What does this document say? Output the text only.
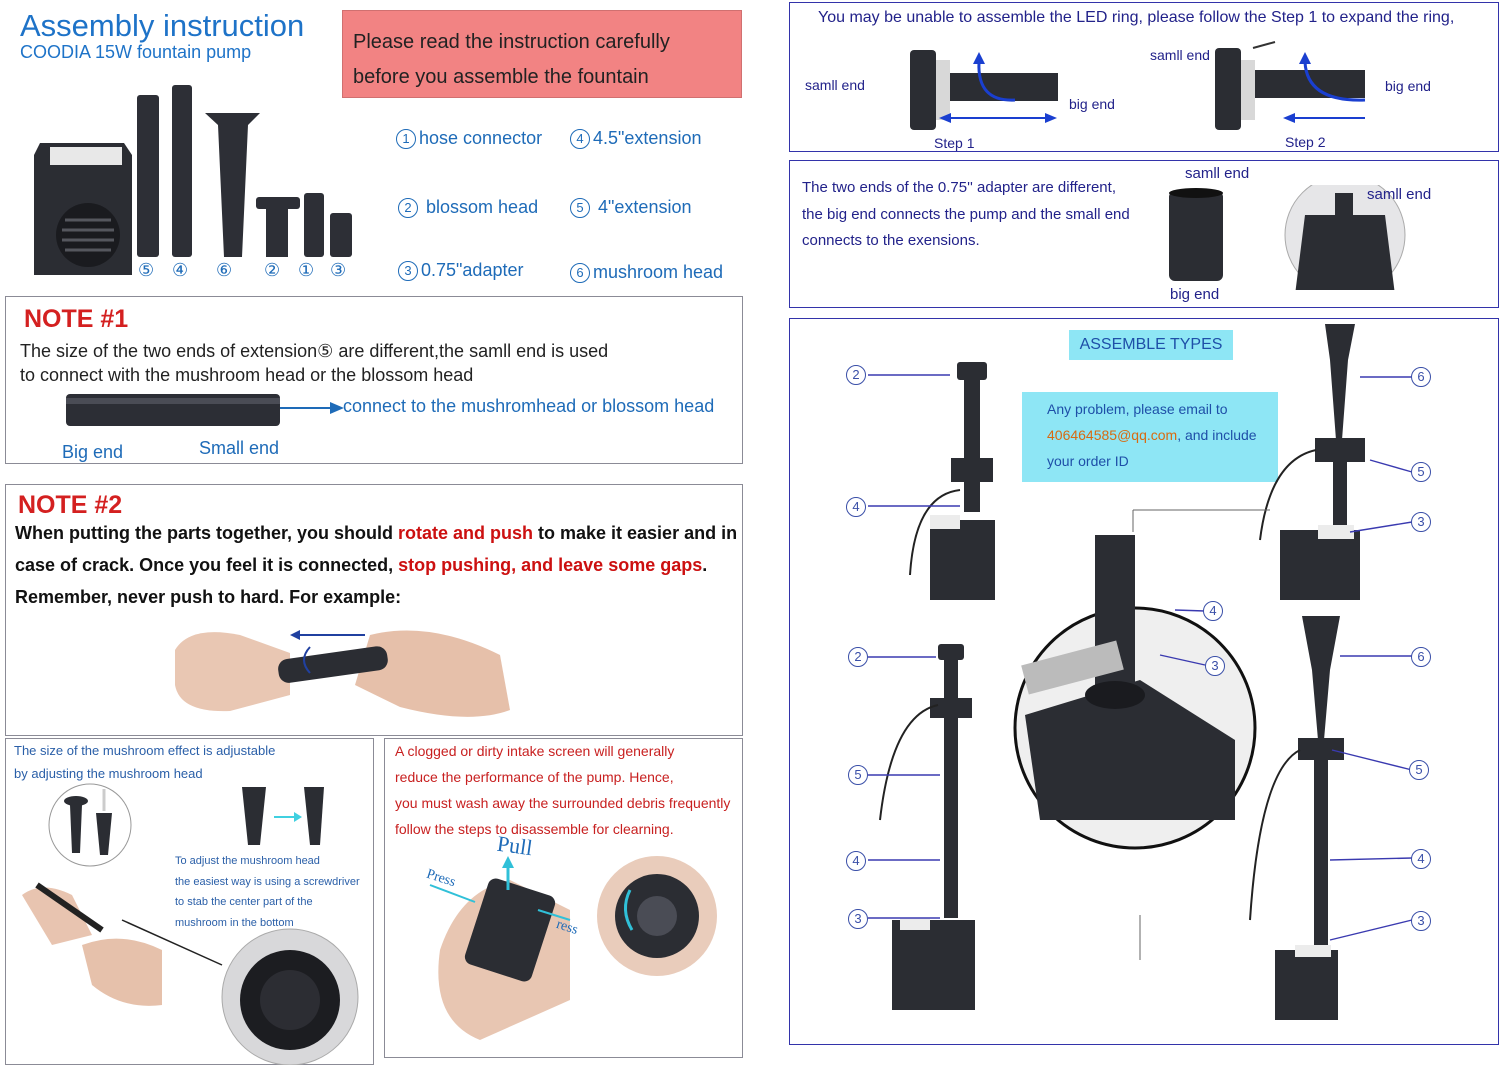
Assembly instruction
COODIA 15W fountain pump	Please read the instruction carefully before you assemble the fountain
⑤ ④ ⑥ ② ① ③
1 hose connector	4 4.5"extension
2 blossom head	5 4"extension
3 0.75"adapter	6 mushroom head
NOTE #1
The size of the two ends of extension⑤ are different,the samll end is used
to connect with the mushroom head or the blossom head
connect to the mushromhead or blossom head
Big end	Small end
NOTE #2
When putting the parts together, you should rotate and push to make it easier and in
case of crack. Once you feel it is connected, stop pushing, and leave some gaps.
Remember, never push to hard. For example:
The size of the mushroom effect is adjustable
by adjusting the mushroom head
To adjust the mushroom head
the easiest way is using a screwdriver
to stab the center part of the
mushroom in the bottom
A clogged or dirty intake screen will generally
reduce the performance of the pump. Hence,
you must wash away the surrounded debris frequently
follow the steps to disassemble for clearning.
Pull
Press
ress
You may be unable to assemble the LED ring, please follow the Step 1 to expand the ring,
samll end
big end
Step 1
samll end
big end
Step 2
The two ends of the 0.75'' adapter are different,
the big end connects the pump and the small end
connects to the exensions.
samll end
samll end
big end
ASSEMBLE TYPES
Any problem, please email to
406464585@qq.com, and include
your order ID
2
4
2
5
4
3
6
5
3
6
5
4
3
4
3
